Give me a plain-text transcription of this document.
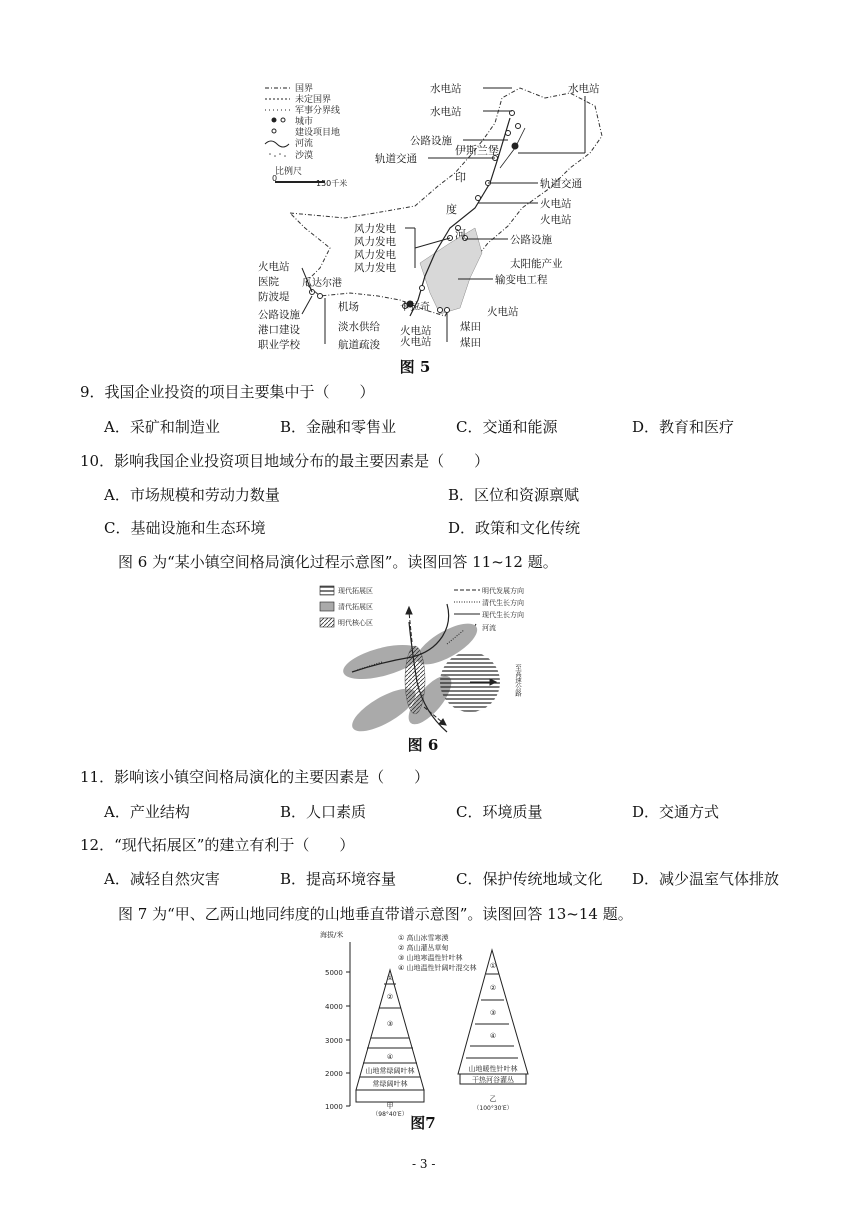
国界
未定国界
军事分界线
城市
建设项目地
河流
沙漠
比例尺
0
150千米
伊斯兰堡
瓜达尔港
卡拉奇
印
度
河
水电站
水电站
公路设施
轨道交通
水电站
轨道交通
火电站
火电站
公路设施
太阳能产业
输变电工程
火电站
煤田
煤田
风力发电
风力发电
风力发电
风力发电
火电站
医院
防波堤
公路设施
港口建设
职业学校
机场
淡水供给
航道疏浚
火电站
火电站
图 5
9．我国企业投资的项目主要集中于（　　）
A．采矿和制造业	B．金融和零售业	C．交通和能源	D．教育和医疗
10．影响我国企业投资项目地域分布的最主要因素是（　　）
A．市场规模和劳动力数量	B．区位和资源禀赋
C．基础设施和生态环境	D．政策和文化传统
图 6 为“某小镇空间格局演化过程示意图”。读图回答 11~12 题。
现代拓展区
清代拓展区
明代核心区
明代发展方向
清代生长方向
现代生长方向
河流
至高速公路
图 6
11．影响该小镇空间格局演化的主要因素是（　　）
A．产业结构	B．人口素质	C．环境质量	D．交通方式
12．“现代拓展区”的建立有利于（　　）
A．减轻自然灾害	B．提高环境容量	C．保护传统地域文化 D．减少温室气体排放
图 7 为“甲、乙两山地同纬度的山地垂直带谱示意图”。读图回答 13~14 题。
海拔/米
5000
4000
3000
2000
1000
① 高山冰雪寒漠
② 高山灌丛草甸
③ 山地寒温性针叶林
④ 山地温性针阔叶混交林
①
②
③
④
山地常绿阔叶林
常绿阔叶林
甲
（98°40′E）
①
②
③
④
山地暖性针叶林
干热河谷灌丛
乙
（100°30′E）
图7
- 3 -
